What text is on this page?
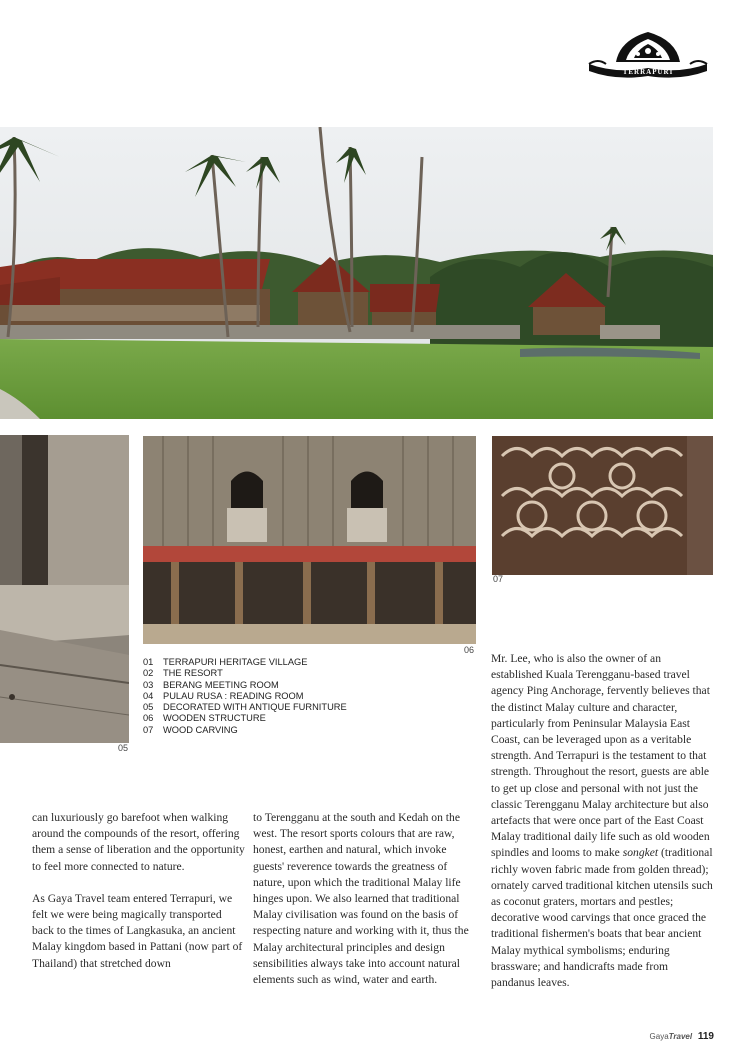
TERRAPURI
05
06
07
01	TERRAPURI HERITAGE VILLAGE
02	THE RESORT
03	BERANG MEETING ROOM
04	PULAU RUSA : READING ROOM
05	DECORATED WITH ANTIQUE FURNITURE
06	WOODEN STRUCTURE
07	WOOD CARVING

can luxuriously go barefoot when walking around the compounds of the resort, offering them a sense of liberation and the opportunity to feel more connected to nature.

As Gaya Travel team entered Terrapuri, we felt we were being magically transported back to the times of Langkasuka, an ancient Malay kingdom based in Pattani (now part of Thailand) that stretched down

to Terengganu at the south and Kedah on the west. The resort sports colours that are raw, honest, earthen and natural, which invoke guests' reverence towards the greatness of nature, upon which the traditional Malay life hinges upon. We also learned that traditional Malay civilisation was found on the basis of respecting nature and working with it, thus the Malay architectural principles and design sensibilities always take into account natural elements such as wind, water and earth.

Mr. Lee, who is also the owner of an established Kuala Terengganu-based travel agency Ping Anchorage, fervently believes that the distinct Malay culture and character, particularly from Peninsular Malaysia East Coast, can be leveraged upon as a veritable strength. And Terrapuri is the testament to that strength. Throughout the resort, guests are able to get up close and personal with not just the classic Terengganu Malay architecture but also artefacts that were once part of the East Coast Malay traditional daily life such as old wooden spindles and looms to make songket (traditional richly woven fabric made from golden thread); ornately carved traditional kitchen utensils such as coconut graters, mortars and pestles; decorative wood carvings that once graced the traditional fishermen's boats that bear ancient Malay mythical symbolisms; enduring brassware; and handicrafts made from pandanus leaves.

GayaTravel 119
